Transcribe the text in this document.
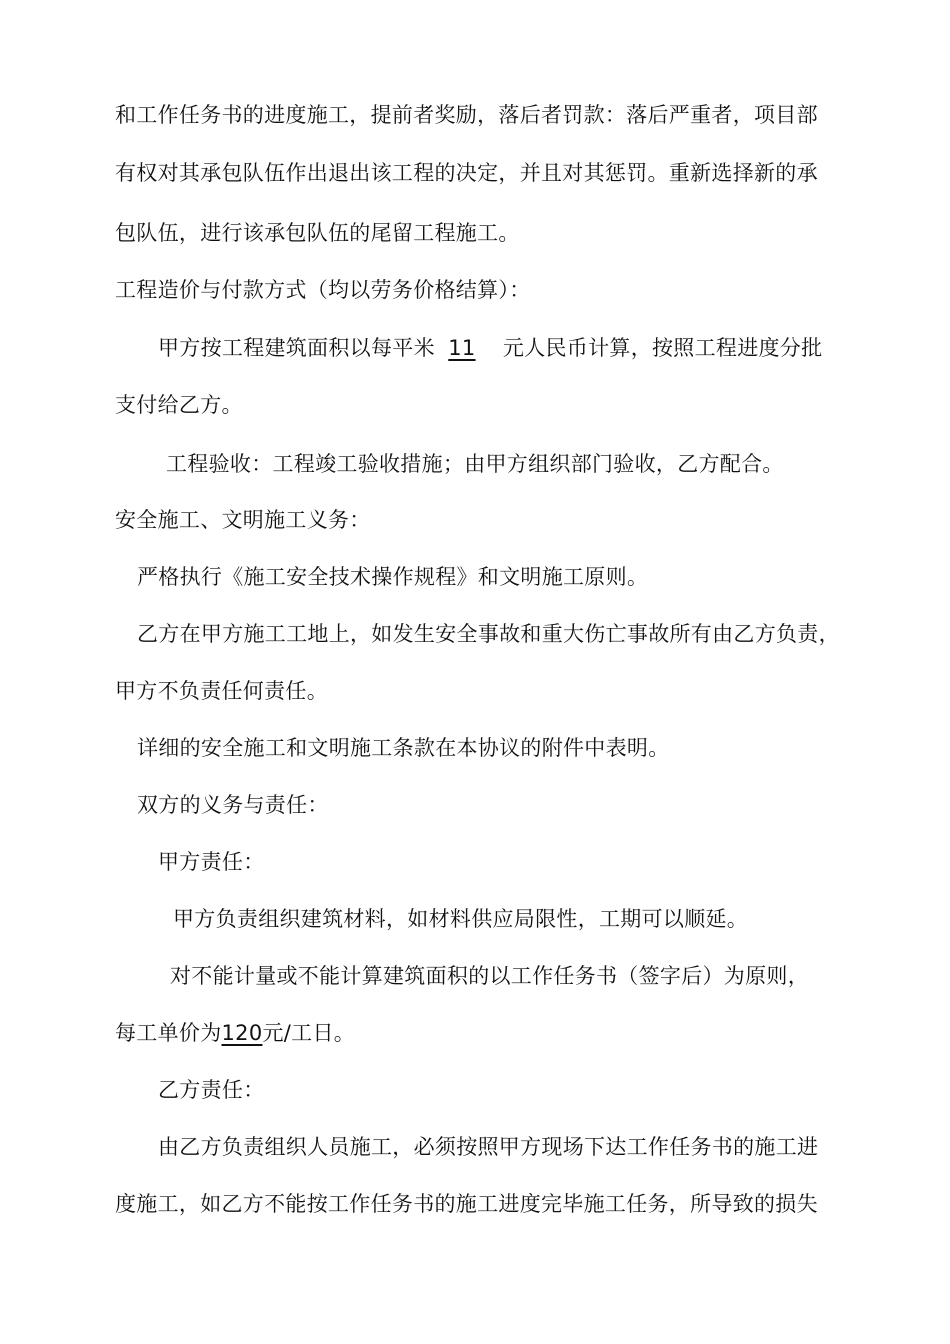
和工作任务书的进度施工，提前者奖励，落后者罚款：落后严重者，项目部
有权对其承包队伍作出退出该工程的决定，并且对其惩罚。重新选择新的承
包队伍，进行该承包队伍的尾留工程施工。
工程造价与付款方式（均以劳务价格结算）：
甲方按工程建筑面积以每平米 11 元人民币计算，按照工程进度分批
支付给乙方。
工程验收：工程竣工验收措施；由甲方组织部门验收，乙方配合。
安全施工、文明施工义务：
严格执行《施工安全技术操作规程》和文明施工原则。
乙方在甲方施工工地上，如发生安全事故和重大伤亡事故所有由乙方负责，
甲方不负责任何责任。
详细的安全施工和文明施工条款在本协议的附件中表明。
双方的义务与责任：
甲方责任：
甲方负责组织建筑材料，如材料供应局限性，工期可以顺延。
对不能计量或不能计算建筑面积的以工作任务书（签字后）为原则，
每工单价为120元/工日。
乙方责任：
由乙方负责组织人员施工，必须按照甲方现场下达工作任务书的施工进
度施工，如乙方不能按工作任务书的施工进度完毕施工任务，所导致的损失
